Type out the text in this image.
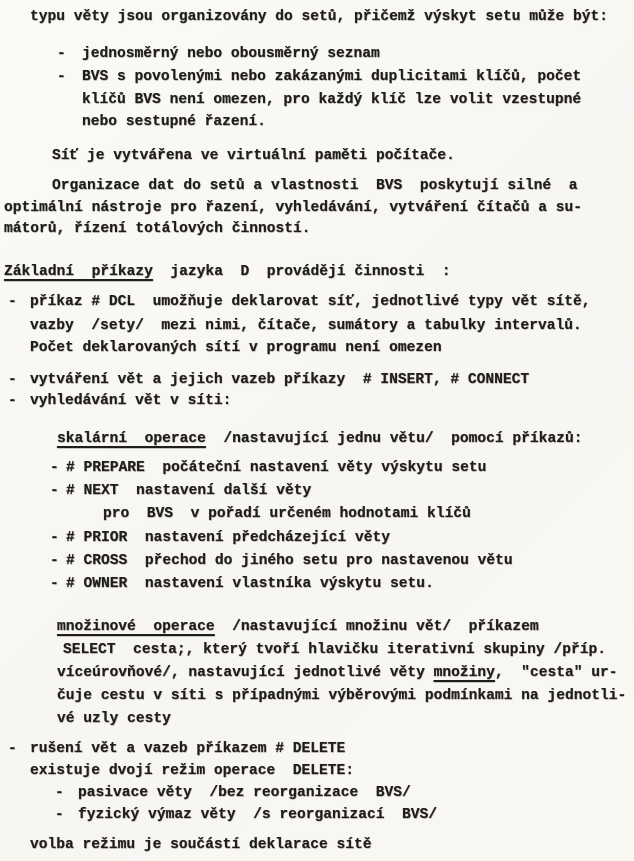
typu věty jsou organizovány do setů, přičemž výskyt setu může být:
- jednosměrný nebo obousměrný seznam
- BVS s povolenými nebo zakázanými duplicitami klíčů, počet
klíčů BVS není omezen, pro každý klíč lze volit vzestupné
nebo sestupné řazení.
Síť je vytvářena ve virtuální paměti počítače.
Organizace dat do setů a vlastnosti  BVS  poskytují silné  a
optimální nástroje pro řazení, vyhledávání, vytváření čítačů a su-
mátorů, řízení totálových činností.
Základní  příkazy  jazyka  D  provádějí činnosti  :
- příkaz # DCL  umožňuje deklarovat síť, jednotlivé typy vět sítě,
vazby  /sety/  mezi nimi, čítače, sumátory a tabulky intervalů.
Počet deklarovaných sítí v programu není omezen
- vytváření vět a jejich vazeb příkazy  # INSERT, # CONNECT
- vyhledávání vět v síti:
skalární  operace  /nastavující jednu větu/  pomocí příkazů:
- # PREPARE  počáteční nastavení věty výskytu setu
- # NEXT  nastavení další věty
pro  BVS  v pořadí určeném hodnotami klíčů
- # PRIOR  nastavení předcházející věty
- # CROSS  přechod do jiného setu pro nastavenou větu
- # OWNER  nastavení vlastníka výskytu setu.
množinové  operace  /nastavující množinu vět/  příkazem
SELECT  cesta;, který tvoří hlavičku iterativní skupiny /příp.
víceúrovňové/, nastavující jednotlivé věty množiny,  "cesta" ur-
čuje cestu v síti s případnými výběrovými podmínkami na jednotli-
vé uzly cesty
- rušení vět a vazeb příkazem # DELETE
existuje dvojí režim operace  DELETE:
- pasivace věty  /bez reorganizace  BVS/
- fyzický výmaz věty  /s reorganizací  BVS/
volba režimu je součástí deklarace sítě
